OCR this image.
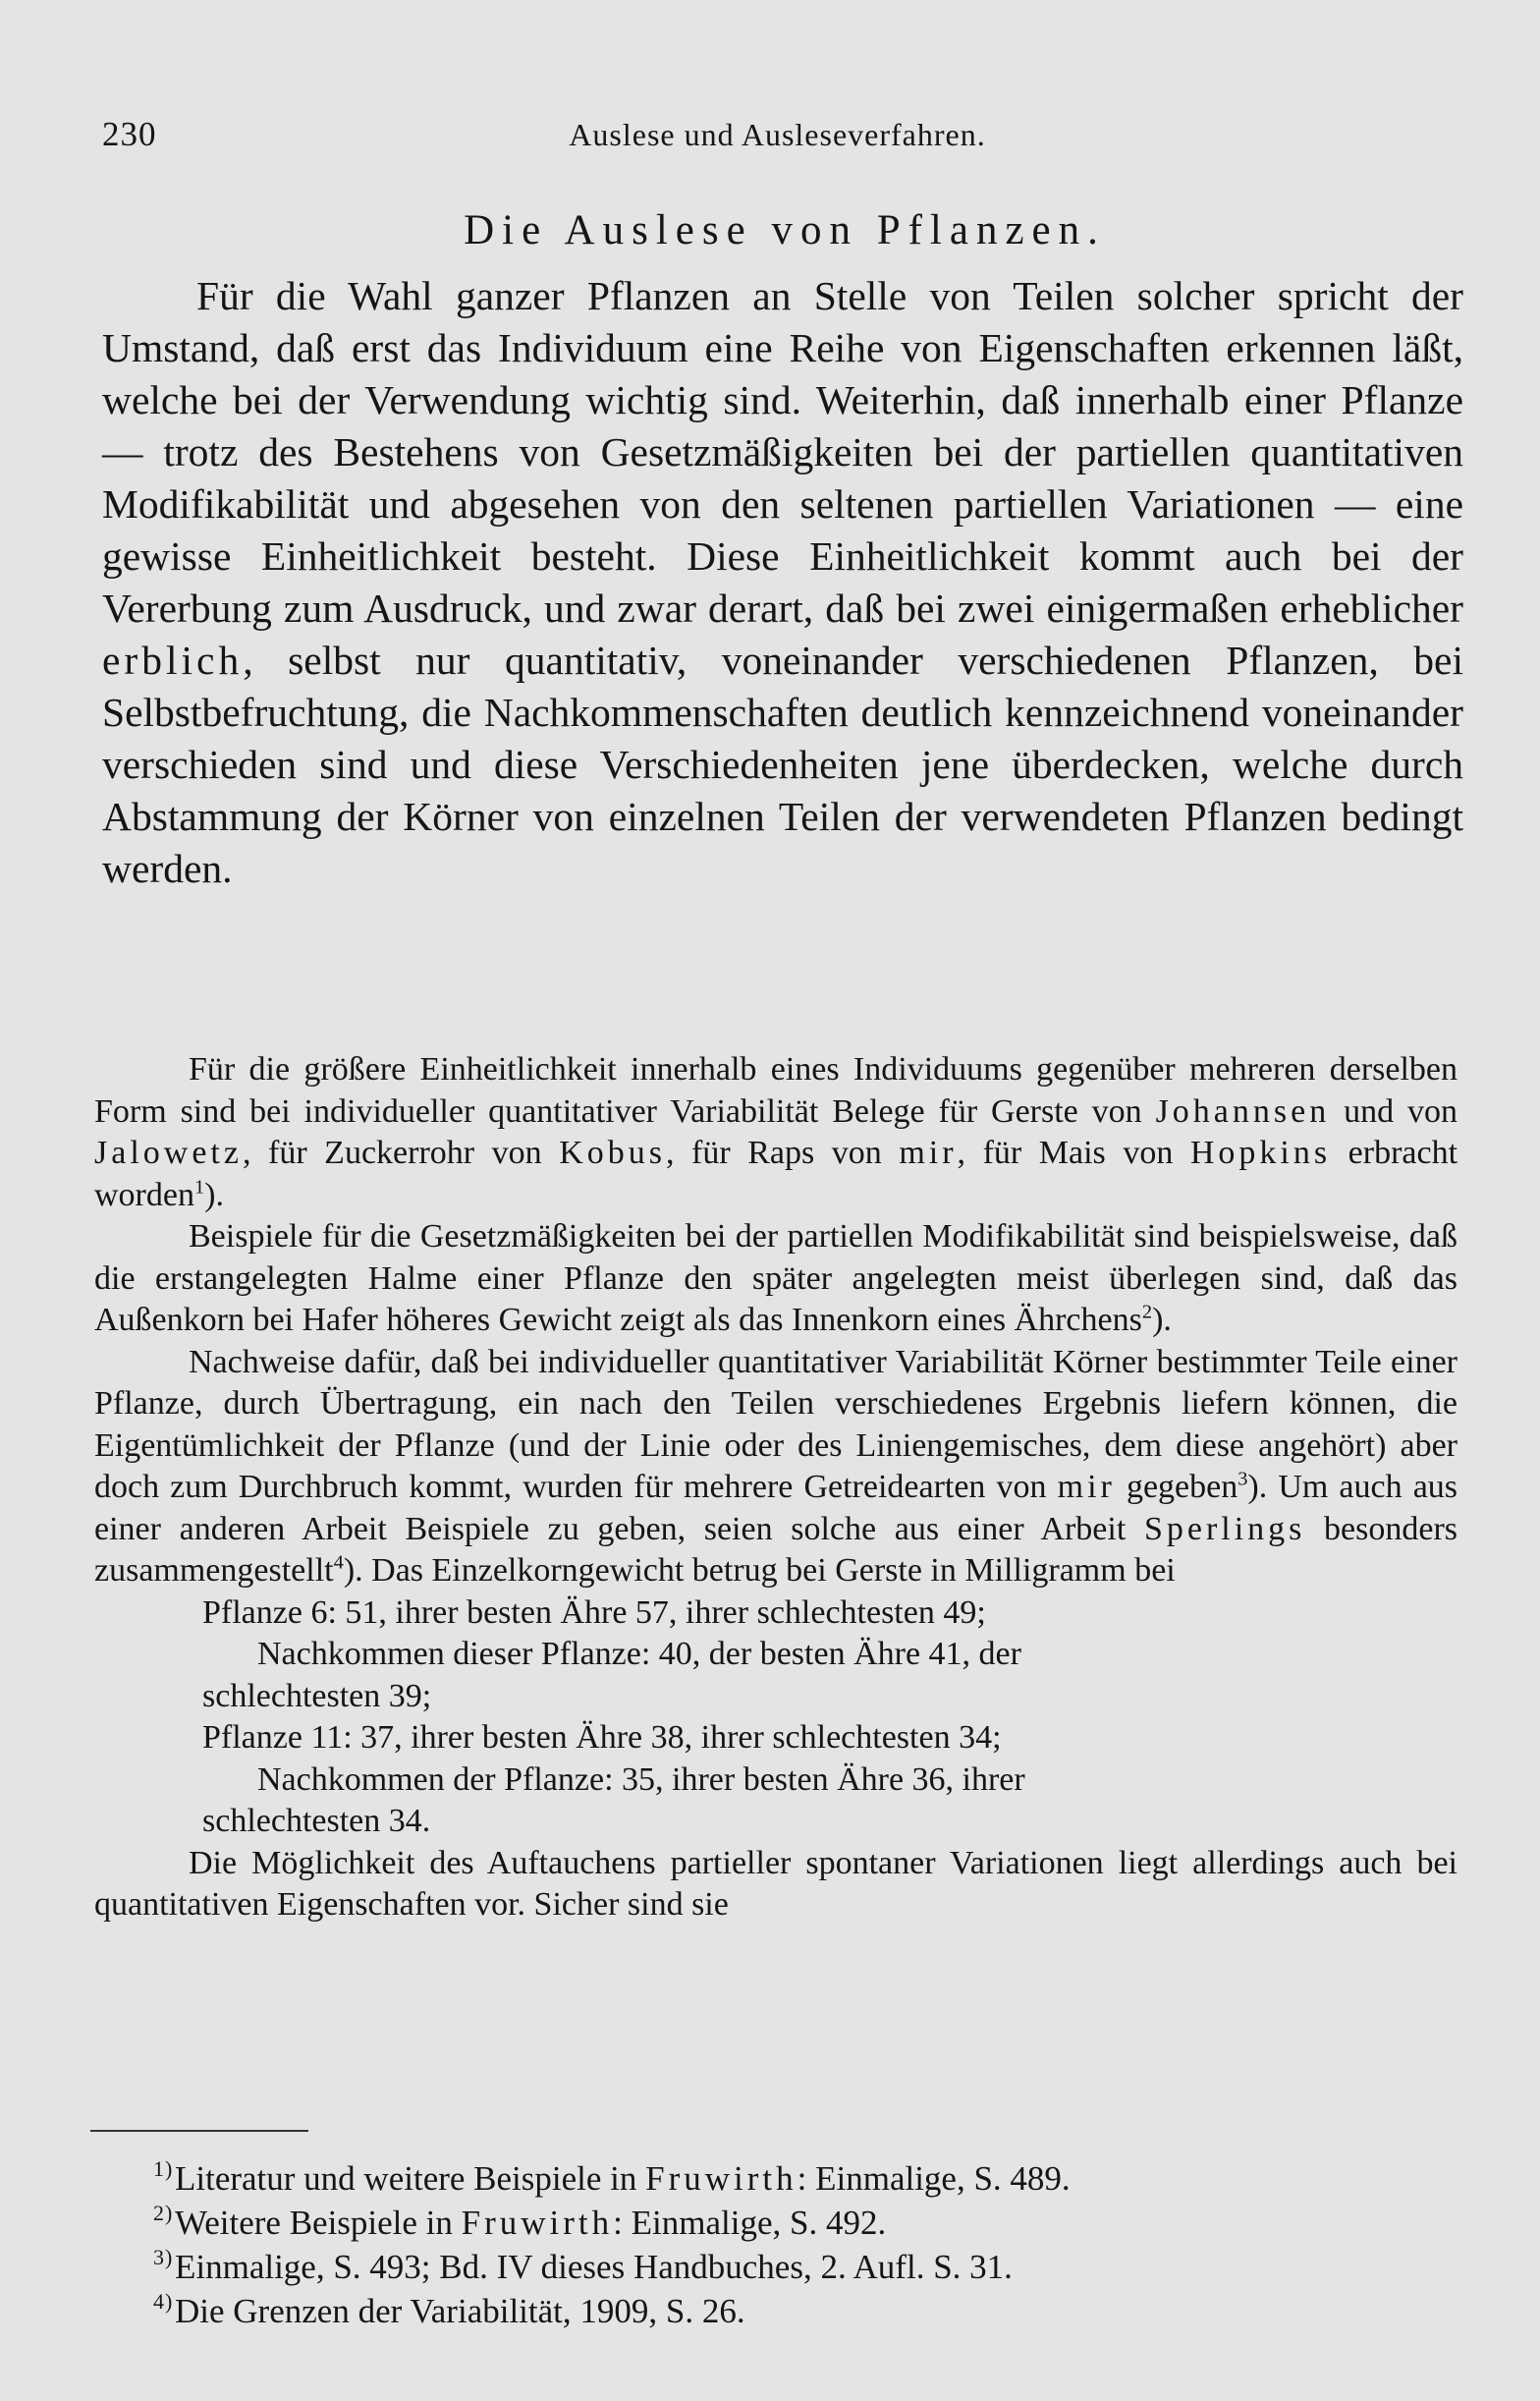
230	Auslese und Ausleseverfahren.
Die Auslese von Pflanzen.

Für die Wahl ganzer Pflanzen an Stelle von Teilen solcher spricht der Umstand, daß erst das Individuum eine Reihe von Eigenschaften erkennen läßt, welche bei der Verwendung wichtig sind. Weiterhin, daß innerhalb einer Pflanze — trotz des Bestehens von Gesetzmäßigkeiten bei der partiellen quantitativen Modifikabilität und abgesehen von den seltenen partiellen Variationen — eine gewisse Einheitlichkeit besteht. Diese Einheitlichkeit kommt auch bei der Vererbung zum Ausdruck, und zwar derart, daß bei zwei einigermaßen erheblicher erblich, selbst nur quantitativ, voneinander verschiedenen Pflanzen, bei Selbstbefruchtung, die Nachkommenschaften deutlich kennzeichnend voneinander verschieden sind und diese Verschiedenheiten jene überdecken, welche durch Abstammung der Körner von einzelnen Teilen der verwendeten Pflanzen bedingt werden.

Für die größere Einheitlichkeit innerhalb eines Individuums gegenüber mehreren derselben Form sind bei individueller quantitativer Variabilität Belege für Gerste von Johannsen und von Jalowetz, für Zuckerrohr von Kobus, für Raps von mir, für Mais von Hopkins erbracht worden$^1$).

Beispiele für die Gesetzmäßigkeiten bei der partiellen Modifikabilität sind beispielsweise, daß die erstangelegten Halme einer Pflanze den später angelegten meist überlegen sind, daß das Außenkorn bei Hafer höheres Gewicht zeigt als das Innenkorn eines Ährchens$^2$).

Nachweise dafür, daß bei individueller quantitativer Variabilität Körner bestimmter Teile einer Pflanze, durch Übertragung, ein nach den Teilen verschiedenes Ergebnis liefern können, die Eigentümlichkeit der Pflanze (und der Linie oder des Liniengemisches, dem diese angehört) aber doch zum Durchbruch kommt, wurden für mehrere Getreidearten von mir gegeben$^3$). Um auch aus einer anderen Arbeit Beispiele zu geben, seien solche aus einer Arbeit Sperlings besonders zusammengestellt$^4$). Das Einzelkorngewicht betrug bei Gerste in Milligramm bei

Pflanze 6: 51, ihrer besten Ähre 57, ihrer schlechtesten 49;

Nachkommen dieser Pflanze: 40, der besten Ähre 41, der

schlechtesten 39;

Pflanze 11: 37, ihrer besten Ähre 38, ihrer schlechtesten 34;

Nachkommen der Pflanze: 35, ihrer besten Ähre 36, ihrer

schlechtesten 34.

Die Möglichkeit des Auftauchens partieller spontaner Variationen liegt allerdings auch bei quantitativen Eigenschaften vor. Sicher sind sie

1 ) Literatur und weitere Beispiele in Fruwirth: Einmalige, S. 489.

2 ) Weitere Beispiele in Fruwirth: Einmalige, S. 492.

3 ) Einmalige, S. 493; Bd. IV dieses Handbuches, 2. Aufl. S. 31.

4 ) Die Grenzen der Variabilität, 1909, S. 26.
